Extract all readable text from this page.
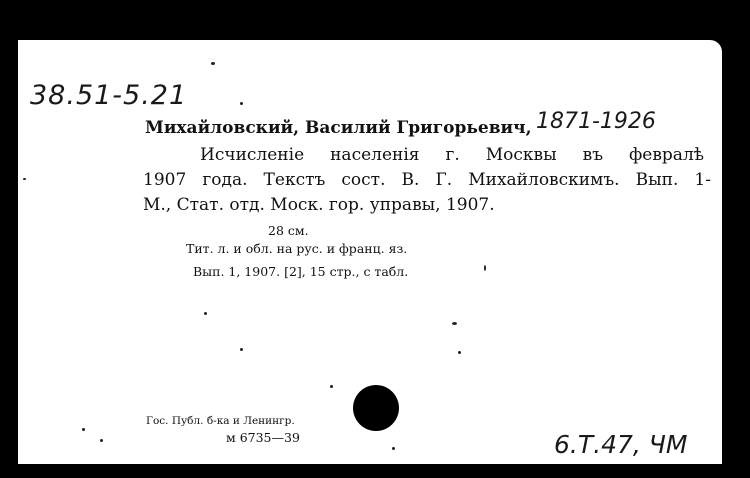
38.51-5.21
Михайловский, Василий Григорьевич, 1871-1926
Исчисленіе населенія г. Москвы въ февралѣ
1907 года. Текстъ сост. В. Г. Михайловскимъ. Вып. 1-
М., Стат. отд. Моск. гор. управы, 1907.
28 см.
Тит. л. и обл. на рус. и франц. яз.
Вып. 1, 1907. [2], 15 стр., с табл.
Гос. Публ. б-ка и Ленингр.
м 6735—39	6.Т.47, ЧМ
